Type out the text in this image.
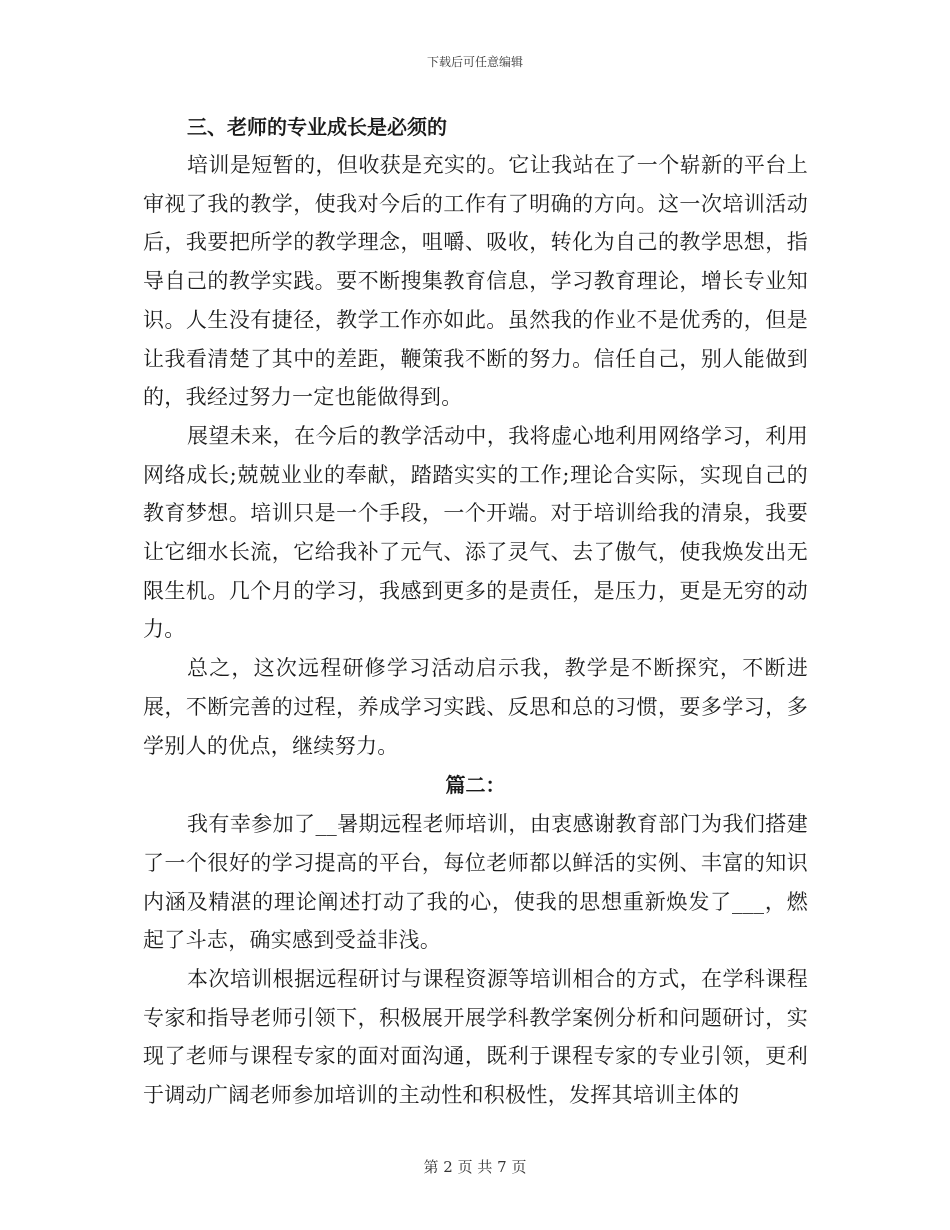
下载后可任意编辑

三、老师的专业成长是必须的

培训是短暂的，但收获是充实的。它让我站在了一个崭新的平台上审视了我的教学，使我对今后的工作有了明确的方向。这一次培训活动后，我要把所学的教学理念，咀嚼、吸收，转化为自己的教学思想，指导自己的教学实践。要不断搜集教育信息，学习教育理论，增长专业知识。人生没有捷径，教学工作亦如此。虽然我的作业不是优秀的，但是让我看清楚了其中的差距，鞭策我不断的努力。信任自己，别人能做到的，我经过努力一定也能做得到。

展望未来，在今后的教学活动中，我将虚心地利用网络学习，利用网络成长;兢兢业业的奉献，踏踏实实的工作;理论合实际，实现自己的教育梦想。培训只是一个手段，一个开端。对于培训给我的清泉，我要让它细水长流，它给我补了元气、添了灵气、去了傲气，使我焕发出无限生机。几个月的学习，我感到更多的是责任，是压力，更是无穷的动力。

总之，这次远程研修学习活动启示我，教学是不断探究，不断进展，不断完善的过程，养成学习实践、反思和总的习惯，要多学习，多学别人的优点，继续努力。

篇二：

我有幸参加了__暑期远程老师培训，由衷感谢教育部门为我们搭建了一个很好的学习提高的平台，每位老师都以鲜活的实例、丰富的知识内涵及精湛的理论阐述打动了我的心，使我的思想重新焕发了___，燃起了斗志，确实感到受益非浅。

本次培训根据远程研讨与课程资源等培训相合的方式，在学科课程专家和指导老师引领下，积极展开展学科教学案例分析和问题研讨，实现了老师与课程专家的面对面沟通，既利于课程专家的专业引领，更利于调动广阔老师参加培训的主动性和积极性，发挥其培训主体的

第 2 页 共 7 页
